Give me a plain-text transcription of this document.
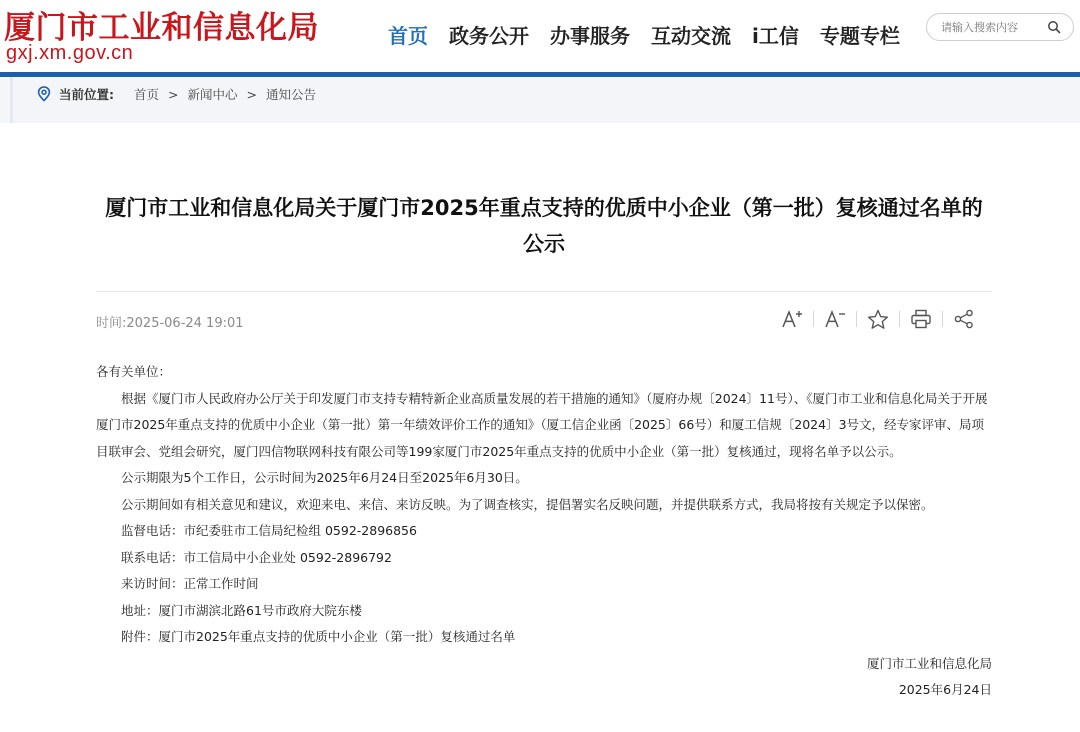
厦门市工业和信息化局
gxj.xm.gov.cn
首页 政务公开 办事服务 互动交流 i工信 专题专栏
请输入搜索内容
当前位置: 首页 > 新闻中心 > 通知公告
厦门市工业和信息化局关于厦门市2025年重点支持的优质中小企业（第一批）复核通过名单的公示
时间:2025-06-24 19:01

各有关单位：

根据《厦门市人民政府办公厅关于印发厦门市支持专精特新企业高质量发展的若干措施的通知》（厦府办规〔2024〕11号）、《厦门市工业和信息化局关于开展厦门市2025年重点支持的优质中小企业（第一批）第一年绩效评价工作的通知》（厦工信企业函〔2025〕66号）和厦工信规〔2024〕3号文，经专家评审、局项目联审会、党组会研究，厦门四信物联网科技有限公司等199家厦门市2025年重点支持的优质中小企业（第一批）复核通过，现将名单予以公示。

公示期限为5个工作日，公示时间为2025年6月24日至2025年6月30日。

公示期间如有相关意见和建议，欢迎来电、来信、来访反映。为了调查核实，提倡署实名反映问题，并提供联系方式，我局将按有关规定予以保密。

监督电话：市纪委驻市工信局纪检组 0592-2896856

联系电话：市工信局中小企业处 0592-2896792

来访时间：正常工作时间

地址：厦门市湖滨北路61号市政府大院东楼

附件：厦门市2025年重点支持的优质中小企业（第一批）复核通过名单

厦门市工业和信息化局

2025年6月24日
